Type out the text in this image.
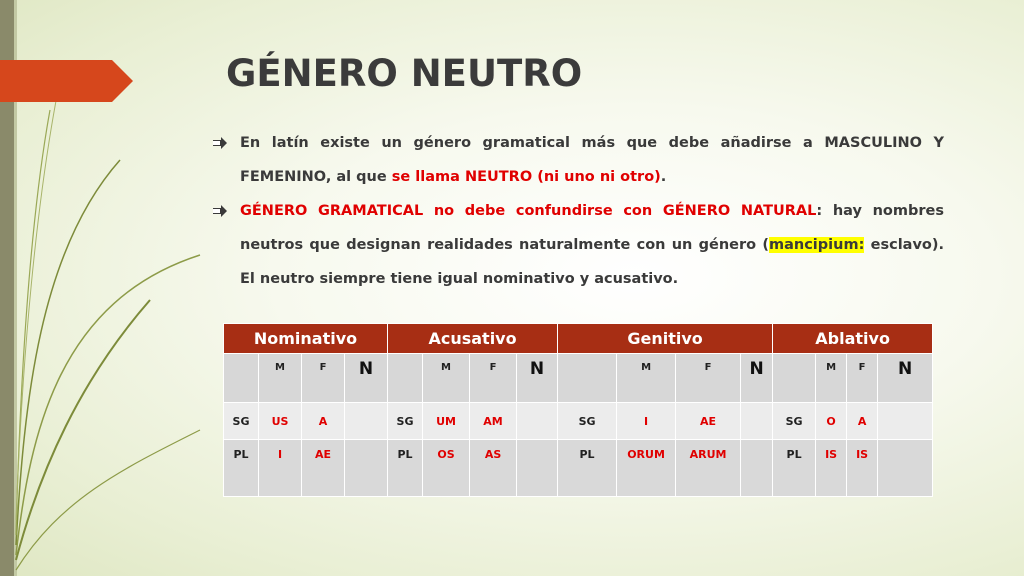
GÉNERO NEUTRO
En latín existe un género gramatical más que debe añadirse a MASCULINO Y FEMENINO, al que se llama NEUTRO (ni uno ni otro).
GÉNERO GRAMATICAL no debe confundirse con GÉNERO NATURAL: hay nombres neutros que designan realidades naturalmente con un género (mancipium: esclavo). El neutro siempre tiene igual nominativo y acusativo.
Nominativo				Acusativo				Genitivo				Ablativo			

	M	F	N		M	F	N		M	F	N		M	F	N

SG	US	A		SG	UM	AM		SG	I	AE		SG	O	A	
PL	I	AE		PL	OS	AS		PL	ORUM	ARUM		PL	IS	IS	
